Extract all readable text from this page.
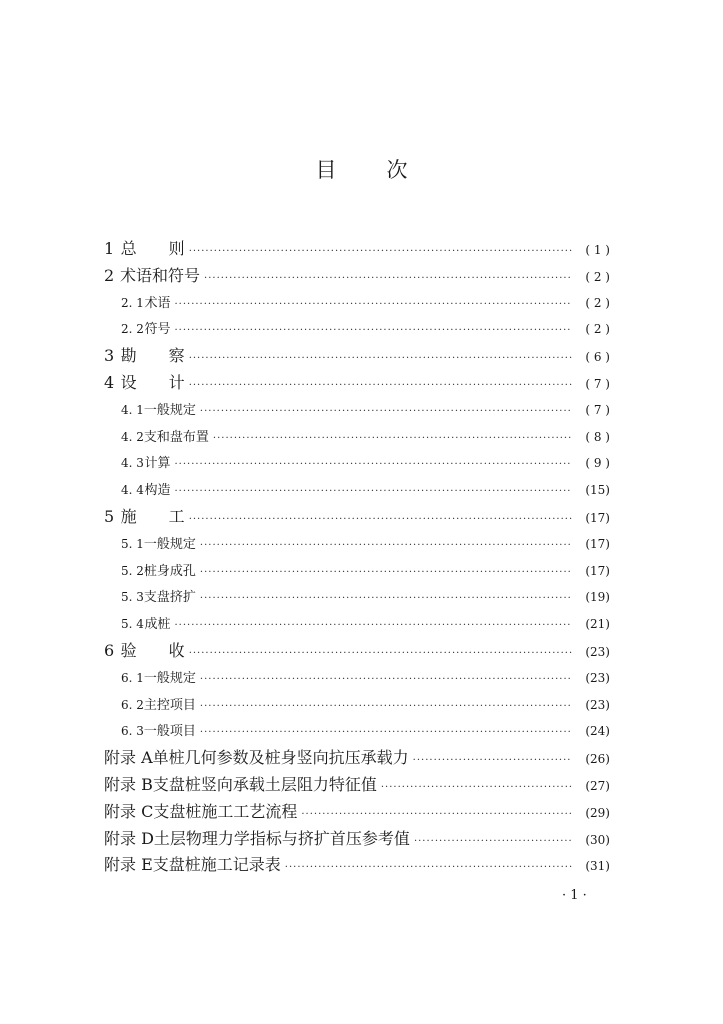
目 次
1 总　　则 ·····	( 1 )
2 术语和符号 ·····	( 2 )
2. 1 术语 ·····	( 2 )
2. 2 符号 ·····	( 2 )
3 勘　　察 ·····	( 6 )
4 设　　计 ·····	( 7 )
4. 1 一般规定 ·····	( 7 )
4. 2 支和盘布置 ·····	( 8 )
4. 3 计算 ·····	( 9 )
4. 4 构造 ·····	(15)
5 施　　工 ·····	(17)
5. 1 一般规定 ·····	(17)
5. 2 桩身成孔 ·····	(17)
5. 3 支盘挤扩 ·····	(19)
5. 4 成桩 ·····	(21)
6 验　　收 ·····	(23)
6. 1 一般规定 ·····	(23)
6. 2 主控项目 ·····	(23)
6. 3 一般项目 ·····	(24)
附录 A 单桩几何参数及桩身竖向抗压承载力 ·····	(26)
附录 B 支盘桩竖向承载土层阻力特征值 ·····	(27)
附录 C 支盘桩施工工艺流程 ·····	(29)
附录 D 土层物理力学指标与挤扩首压参考值 ·····	(30)
附录 E 支盘桩施工记录表 ·····	(31)
· 1 ·
